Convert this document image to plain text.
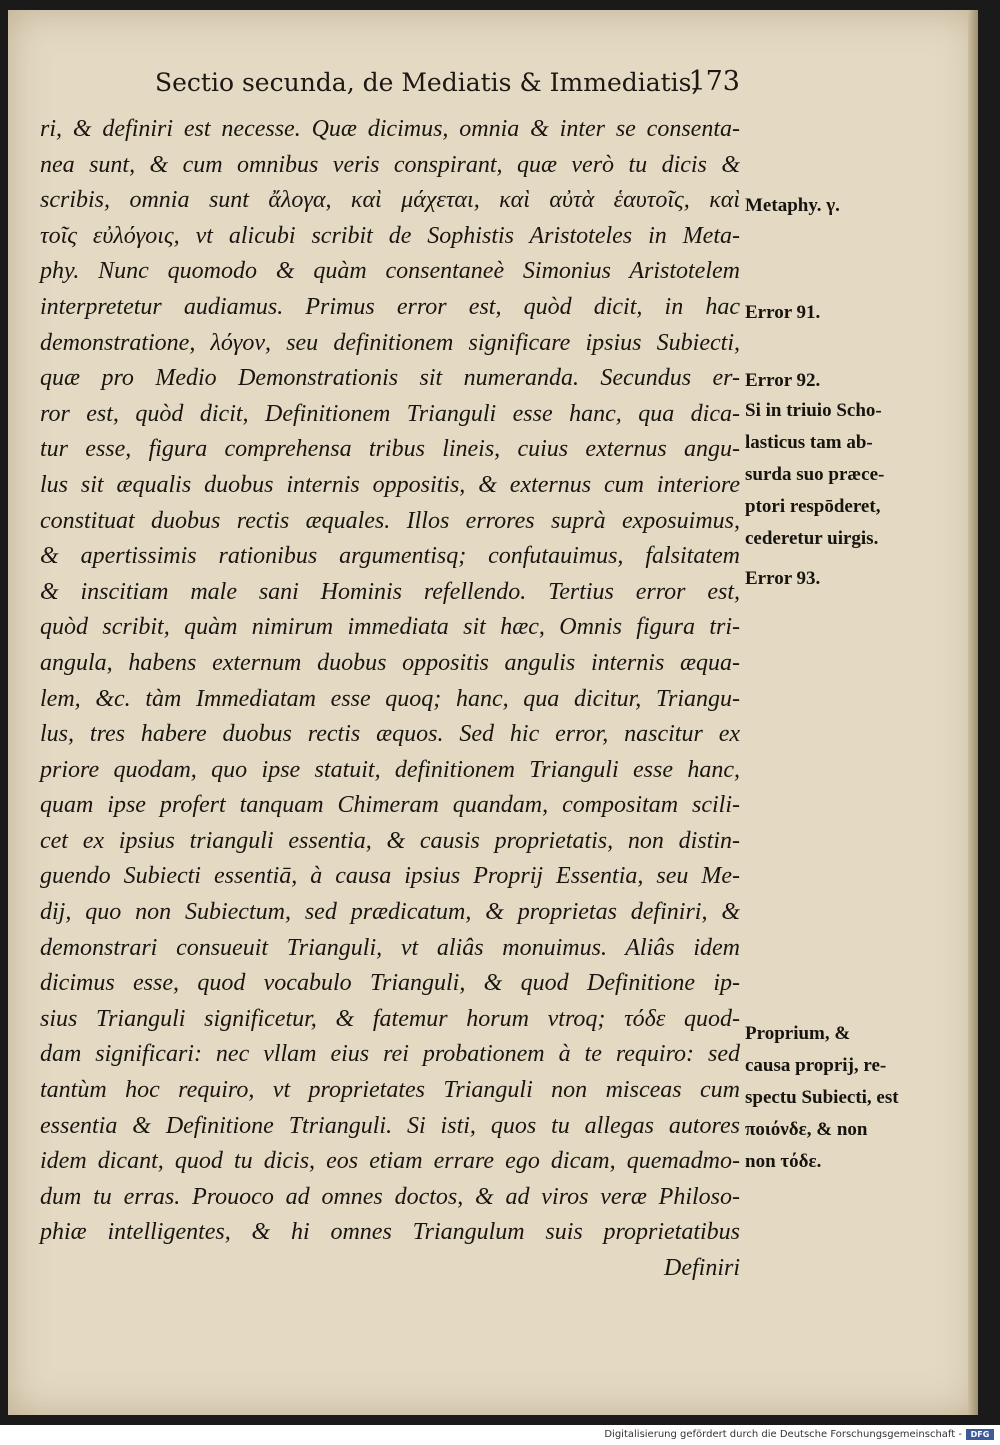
Sectio secunda, de Mediatis & Immediatis,
173
ri, & definiri est necesse. Quæ dicimus, omnia & inter se consenta-
nea sunt, & cum omnibus veris conspirant, quæ verò tu dicis &
scribis, omnia sunt ἄλογα, καὶ μάχεται, καὶ αὐτὰ ἑαυτοῖς, καὶ
τοῖς εὐλόγοις, vt alicubi scribit de Sophistis Aristoteles in Meta-
phy. Nunc quomodo & quàm consentaneè Simonius Aristotelem
interpretetur audiamus. Primus error est, quòd dicit, in hac
demonstratione, λόγον, seu definitionem significare ipsius Subiecti,
quæ pro Medio Demonstrationis sit numeranda. Secundus er-
ror est, quòd dicit, Definitionem Trianguli esse hanc, qua dica-
tur esse, figura comprehensa tribus lineis, cuius externus angu-
lus sit æqualis duobus internis oppositis, & externus cum interiore
constituat duobus rectis æquales. Illos errores suprà exposuimus,
& apertissimis rationibus argumentisq; confutauimus, falsitatem
& inscitiam male sani Hominis refellendo. Tertius error est,
quòd scribit, quàm nimirum immediata sit hæc, Omnis figura tri-
angula, habens externum duobus oppositis angulis internis æqua-
lem, &c. tàm Immediatam esse quoq; hanc, qua dicitur, Triangu-
lus, tres habere duobus rectis æquos. Sed hic error, nascitur ex
priore quodam, quo ipse statuit, definitionem Trianguli esse hanc,
quam ipse profert tanquam Chimeram quandam, compositam scili-
cet ex ipsius trianguli essentia, & causis proprietatis, non distin-
guendo Subiecti essentiā, à causa ipsius Proprij Essentia, seu Me-
dij, quo non Subiectum, sed prædicatum, & proprietas definiri, &
demonstrari consueuit Trianguli, vt aliâs monuimus. Aliâs idem
dicimus esse, quod vocabulo Trianguli, & quod Definitione ip-
sius Trianguli significetur, & fatemur horum vtroq; τόδε quod-
dam significari: nec vllam eius rei probationem à te requiro: sed
tantùm hoc requiro, vt proprietates Trianguli non misceas cum
essentia & Definitione Ttrianguli. Si isti, quos tu allegas autores
idem dicant, quod tu dicis, eos etiam errare ego dicam, quemadmo-
dum tu erras. Prouoco ad omnes doctos, & ad viros veræ Philoso-
phiæ intelligentes, & hi omnes Triangulum suis proprietatibus
Definiri
Metaphy. γ.
Error 91.
Error 92.
Si in triuio Scho-
lasticus tam ab-
surda suo præce-
ptori respōderet,
cederetur uirgis.
Error 93.
Proprium, &
causa proprij, re-
spectu Subiecti, est
ποιόνδε, & non
non τόδε.
Digitalisierung gefördert durch die Deutsche Forschungsgemeinschaft -	DFG
